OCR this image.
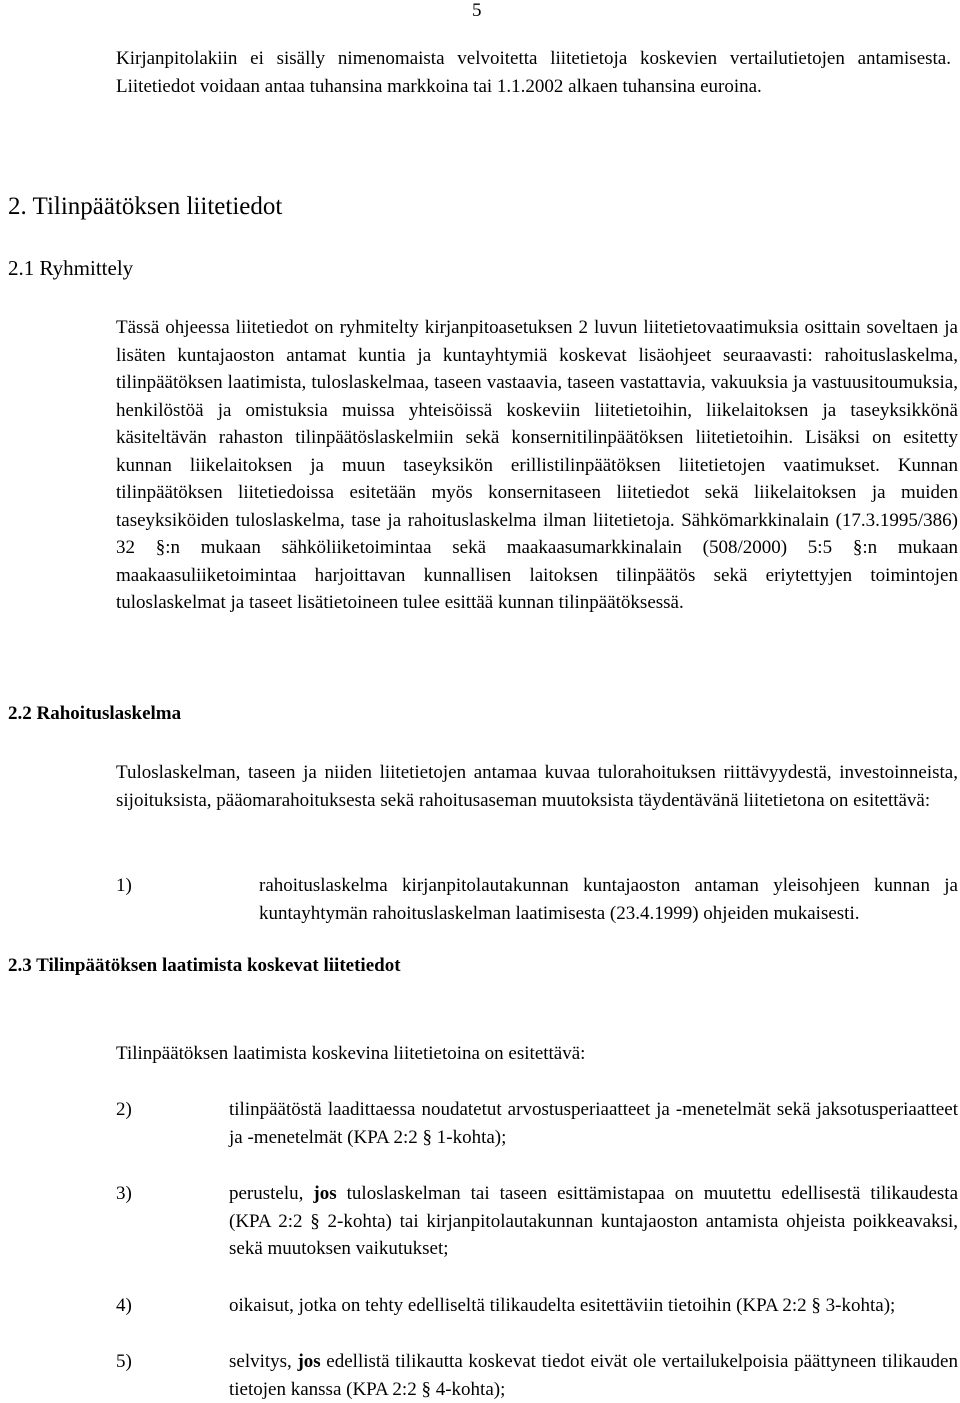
5

Kirjanpitolakiin ei sisälly nimenomaista velvoitetta liitetietoja koskevien vertailutietojen antamisesta. Liitetiedot voidaan antaa tuhansina markkoina tai 1.1.2002 alkaen tuhansina euroina.

2. Tilinpäätöksen liitetiedot
2.1 Ryhmittely

Tässä ohjeessa liitetiedot on ryhmitelty kirjanpitoasetuksen 2 luvun liitetietovaatimuksia osittain soveltaen ja lisäten kuntajaoston antamat kuntia ja kuntayhtymiä koskevat lisäohjeet seuraavasti: rahoituslaskelma, tilinpäätöksen laatimista, tuloslaskelmaa, taseen vastaavia, taseen vastattavia, vakuuksia ja vastuusitoumuksia, henkilöstöä ja omistuksia muissa yhteisöissä koskeviin liitetietoihin, liikelaitoksen ja taseyksikkönä käsiteltävän rahaston tilinpäätöslaskelmiin sekä konsernitilinpäätöksen liitetietoihin. Lisäksi on esitetty kunnan liikelaitoksen ja muun taseyksikön erillistilinpäätöksen liitetietojen vaatimukset. Kunnan tilinpäätöksen liitetiedoissa esitetään myös konsernitaseen liitetiedot sekä liikelaitoksen ja muiden taseyksiköiden tuloslaskelma, tase ja rahoituslaskelma ilman liitetietoja. Sähkömarkkinalain (17.3.1995/386) 32 §:n mukaan sähköliiketoimintaa sekä maakaasumarkkinalain (508/2000) 5:5 §:n mukaan maakaasuliiketoimintaa harjoittavan kunnallisen laitoksen tilinpäätös sekä eriytettyjen toimintojen tuloslaskelmat ja taseet lisätietoineen tulee esittää kunnan tilinpäätöksessä.

2.2 Rahoituslaskelma

Tuloslaskelman, taseen ja niiden liitetietojen antamaa kuvaa tulorahoituksen riittävyydestä, investoinneista, sijoituksista, pääomarahoituksesta sekä rahoitusaseman muutoksista täydentävänä liitetietona on esitettävä:

1)	rahoituslaskelma kirjanpitolautakunnan kuntajaoston antaman yleisohjeen kunnan ja kuntayhtymän rahoituslaskelman laatimisesta (23.4.1999) ohjeiden mukaisesti.

2.3 Tilinpäätöksen laatimista koskevat liitetiedot

Tilinpäätöksen laatimista koskevina liitetietoina on esitettävä:

2)	tilinpäätöstä laadittaessa noudatetut arvostusperiaatteet ja -menetelmät sekä jaksotusperiaatteet ja -menetelmät (KPA 2:2 § 1-kohta);

3)	perustelu, jos tuloslaskelman tai taseen esittämistapaa on muutettu edellisestä tilikaudesta (KPA 2:2 § 2-kohta) tai kirjanpitolautakunnan kuntajaoston antamista ohjeista poikkeavaksi, sekä muutoksen vaikutukset;

4)	oikaisut, jotka on tehty edelliseltä tilikaudelta esitettäviin tietoihin (KPA 2:2 § 3-kohta);

5)	selvitys, jos edellistä tilikautta koskevat tiedot eivät ole vertailukelpoisia päättyneen tilikauden tietojen kanssa (KPA 2:2 § 4-kohta);
